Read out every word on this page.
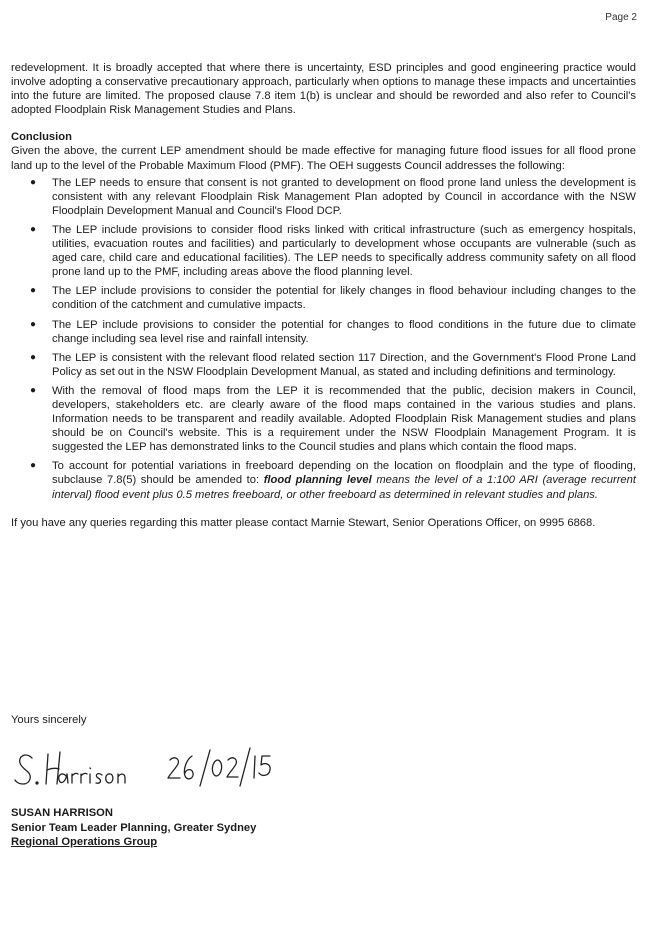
Page 2

redevelopment. It is broadly accepted that where there is uncertainty, ESD principles and good engineering practice would involve adopting a conservative precautionary approach, particularly when options to manage these impacts and uncertainties into the future are limited. The proposed clause 7.8 item 1(b) is unclear and should be reworded and also refer to Council's adopted Floodplain Risk Management Studies and Plans.

Conclusion

Given the above, the current LEP amendment should be made effective for managing future flood issues for all flood prone land up to the level of the Probable Maximum Flood (PMF). The OEH suggests Council addresses the following:

● The LEP needs to ensure that consent is not granted to development on flood prone land unless the development is consistent with any relevant Floodplain Risk Management Plan adopted by Council in accordance with the NSW Floodplain Development Manual and Council's Flood DCP.
● The LEP include provisions to consider flood risks linked with critical infrastructure (such as emergency hospitals, utilities, evacuation routes and facilities) and particularly to development whose occupants are vulnerable (such as aged care, child care and educational facilities). The LEP needs to specifically address community safety on all flood prone land up to the PMF, including areas above the flood planning level.
● The LEP include provisions to consider the potential for likely changes in flood behaviour including changes to the condition of the catchment and cumulative impacts.
● The LEP include provisions to consider the potential for changes to flood conditions in the future due to climate change including sea level rise and rainfall intensity.
● The LEP is consistent with the relevant flood related section 117 Direction, and the Government's Flood Prone Land Policy as set out in the NSW Floodplain Development Manual, as stated and including definitions and terminology.
● With the removal of flood maps from the LEP it is recommended that the public, decision makers in Council, developers, stakeholders etc. are clearly aware of the flood maps contained in the various studies and plans. Information needs to be transparent and readily available. Adopted Floodplain Risk Management studies and plans should be on Council's website. This is a requirement under the NSW Floodplain Management Program. It is suggested the LEP has demonstrated links to the Council studies and plans which contain the flood maps.
● To account for potential variations in freeboard depending on the location on floodplain and the type of flooding, subclause 7.8(5) should be amended to: flood planning level means the level of a 1:100 ARI (average recurrent interval) flood event plus 0.5 metres freeboard, or other freeboard as determined in relevant studies and plans.

If you have any queries regarding this matter please contact Marnie Stewart, Senior Operations Officer, on 9995 6868.

Yours sincerely
SUSAN HARRISON
Senior Team Leader Planning, Greater Sydney
Regional Operations Group
